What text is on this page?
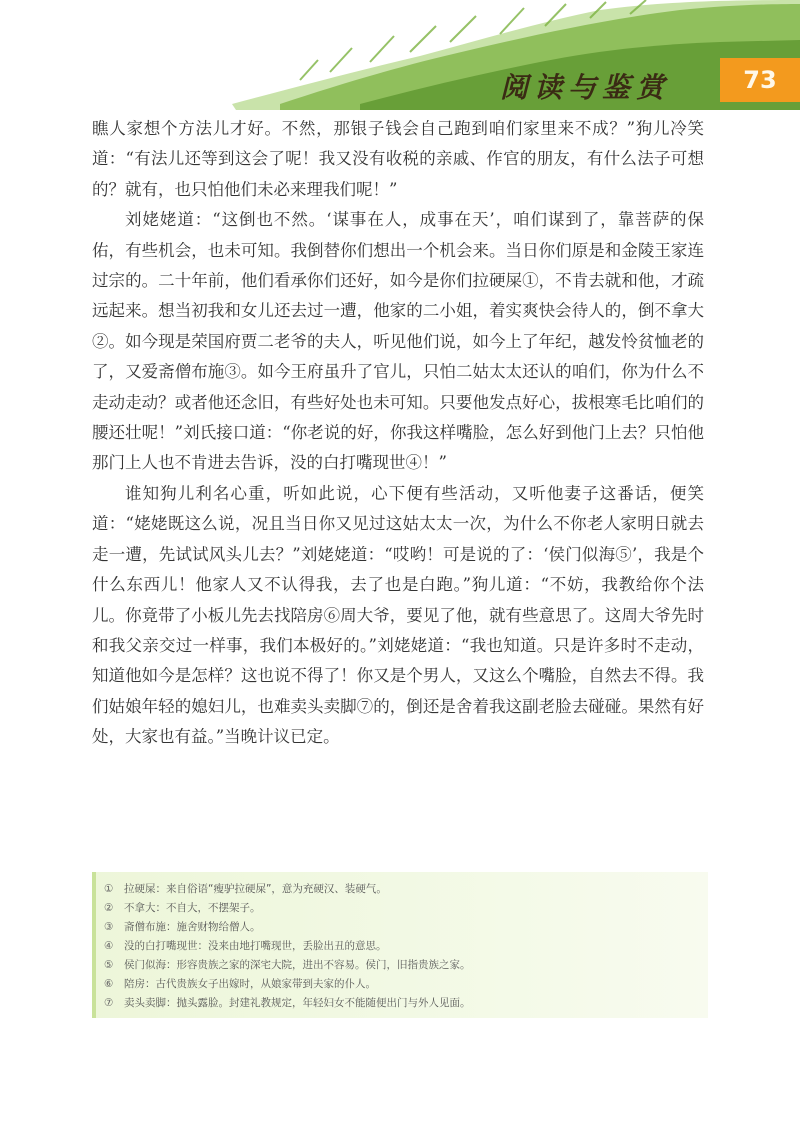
阅读与鉴赏	73

瞧人家想个方法儿才好。不然，那银子钱会自己跑到咱们家里来不成？”狗儿冷笑道：“有法儿还等到这会了呢！我又没有收税的亲戚、作官的朋友，有什么法子可想的？就有，也只怕他们未必来理我们呢！”

刘姥姥道：“这倒也不然。‘谋事在人，成事在天’，咱们谋到了，靠菩萨的保佑，有些机会，也未可知。我倒替你们想出一个机会来。当日你们原是和金陵王家连过宗的。二十年前，他们看承你们还好，如今是你们拉硬屎①，不肯去就和他，才疏远起来。想当初我和女儿还去过一遭，他家的二小姐，着实爽快会待人的，倒不拿大②。如今现是荣国府贾二老爷的夫人，听见他们说，如今上了年纪，越发怜贫恤老的了，又爱斋僧布施③。如今王府虽升了官儿，只怕二姑太太还认的咱们，你为什么不走动走动？或者他还念旧，有些好处也未可知。只要他发点好心，拔根寒毛比咱们的腰还壮呢！”刘氏接口道：“你老说的好，你我这样嘴脸，怎么好到他门上去？只怕他那门上人也不肯进去告诉，没的白打嘴现世④！”

谁知狗儿利名心重，听如此说，心下便有些活动，又听他妻子这番话，便笑道：“姥姥既这么说，况且当日你又见过这姑太太一次，为什么不你老人家明日就去走一遭，先试试风头儿去？”刘姥姥道：“哎哟！可是说的了：‘侯门似海⑤’，我是个什么东西儿！他家人又不认得我，去了也是白跑。”狗儿道：“不妨，我教给你个法儿。你竟带了小板儿先去找陪房⑥周大爷，要见了他，就有些意思了。这周大爷先时和我父亲交过一样事，我们本极好的。”刘姥姥道：“我也知道。只是许多时不走动，知道他如今是怎样？这也说不得了！你又是个男人，又这么个嘴脸，自然去不得。我们姑娘年轻的媳妇儿，也难卖头卖脚⑦的，倒还是舍着我这副老脸去碰碰。果然有好处，大家也有益。”当晚计议已定。

① 拉硬屎：来自俗语“瘦驴拉硬屎”，意为充硬汉、装硬气。
② 不拿大：不自大，不摆架子。
③ 斋僧布施：施舍财物给僧人。
④ 没的白打嘴现世：没来由地打嘴现世，丢脸出丑的意思。
⑤ 侯门似海：形容贵族之家的深宅大院，进出不容易。侯门，旧指贵族之家。
⑥ 陪房：古代贵族女子出嫁时，从娘家带到夫家的仆人。
⑦ 卖头卖脚：抛头露脸。封建礼教规定，年轻妇女不能随便出门与外人见面。
